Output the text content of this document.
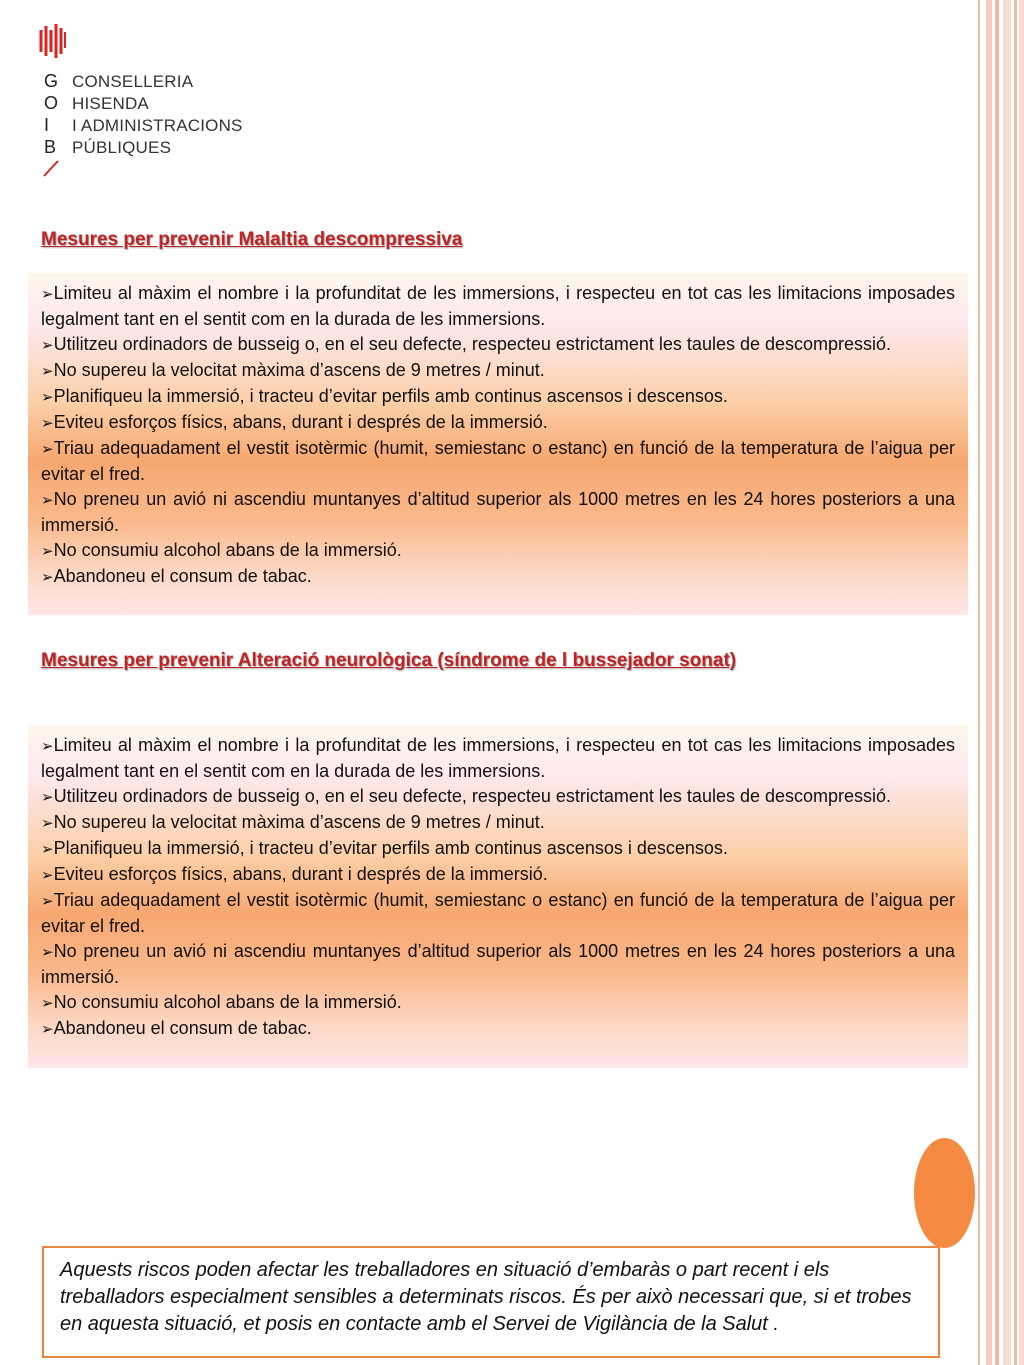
G
O
I
B
CONSELLERIA
HISENDA
I ADMINISTRACIONS
PÚBLIQUES
Mesures per prevenir Malaltia descompressiva
➢Limiteu al màxim el nombre i la profunditat de les immersions, i respecteu en tot cas les limitacions imposades legalment tant en el sentit com en la durada de les immersions.
➢Utilitzeu ordinadors de busseig o, en el seu defecte, respecteu estrictament les taules de descompressió.
➢No supereu la velocitat màxima d’ascens de 9 metres / minut.
➢Planifiqueu la immersió, i tracteu d’evitar perfils amb continus ascensos i descensos.
➢Eviteu esforços físics, abans, durant i després de la immersió.
➢Triau adequadament el vestit isotèrmic (humit, semiestanc o estanc) en funció de la temperatura de l’aigua per evitar el fred.
➢No preneu un avió ni ascendiu muntanyes d’altitud superior als 1000 metres en les 24 hores posteriors a una immersió.
➢No consumiu alcohol abans de la immersió.
➢Abandoneu el consum de tabac.
Mesures per prevenir Alteració neurològica (síndrome de l bussejador sonat)
➢Limiteu al màxim el nombre i la profunditat de les immersions, i respecteu en tot cas les limitacions imposades legalment tant en el sentit com en la durada de les immersions.
➢Utilitzeu ordinadors de busseig o, en el seu defecte, respecteu estrictament les taules de descompressió.
➢No supereu la velocitat màxima d’ascens de 9 metres / minut.
➢Planifiqueu la immersió, i tracteu d’evitar perfils amb continus ascensos i descensos.
➢Eviteu esforços físics, abans, durant i després de la immersió.
➢Triau adequadament el vestit isotèrmic (humit, semiestanc o estanc) en funció de la temperatura de l’aigua per evitar el fred.
➢No preneu un avió ni ascendiu muntanyes d’altitud superior als 1000 metres en les 24 hores posteriors a una immersió.
➢No consumiu alcohol abans de la immersió.
➢Abandoneu el consum de tabac.
Aquests riscos poden afectar les treballadores en situació d’embaràs o part recent i els treballadors especialment sensibles a determinats riscos. És per això necessari que, si et trobes en aquesta situació, et posis en contacte amb el Servei de Vigilància de la Salut .
